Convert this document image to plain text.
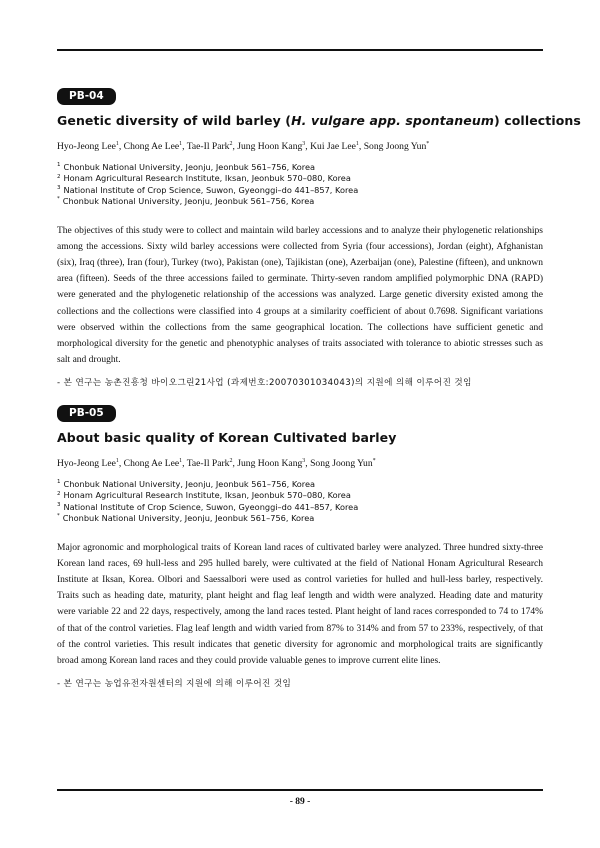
PB-04
Genetic diversity of wild barley (H. vulgare app. spontaneum) collections
Hyo-Jeong Lee$^1$, Chong Ae Lee$^1$, Tae-Il Park$^2$, Jung Hoon Kang$^3$, Kui Jae Lee$^1$, Song Joong Yun*
$^1$ Chonbuk National University, Jeonju, Jeonbuk 561–756, Korea
$^2$ Honam Agricultural Research Institute, Iksan, Jeonbuk 570–080, Korea
$^3$ National Institute of Crop Science, Suwon, Gyeonggi–do 441–857, Korea
* Chonbuk National University, Jeonju, Jeonbuk 561–756, Korea
The objectives of this study were to collect and maintain wild barley accessions and to analyze their phylogenetic relationships among the accessions. Sixty wild barley accessions were collected from Syria (four accessions), Jordan (eight), Afghanistan (six), Iraq (three), Iran (four), Turkey (two), Pakistan (one), Tajikistan (one), Azerbaijan (one), Palestine (fifteen), and unknown area (fifteen). Seeds of the three accessions failed to germinate. Thirty-seven random amplified polymorphic DNA (RAPD) were generated and the phylogenetic relationship of the accessions was analyzed. Large genetic diversity existed among the collections and the collections were classified into 4 groups at a similarity coefficient of about 0.7698. Significant variations were observed within the collections from the same geographical location. The collections have sufficient genetic and morphological diversity for the genetic and phenotyphic analyses of traits associated with tolerance to abiotic stresses such as salt and drought.
- 본 연구는 농촌진흥청 바이오그린21사업 (과제번호:20070301034043)의 지원에 의해 이루어진 것임
PB-05
About basic quality of Korean Cultivated barley
Hyo-Jeong Lee$^1$, Chong Ae Lee$^1$, Tae-Il Park$^2$, Jung Hoon Kang$^3$, Song Joong Yun*
$^1$ Chonbuk National University, Jeonju, Jeonbuk 561–756, Korea
$^2$ Honam Agricultural Research Institute, Iksan, Jeonbuk 570–080, Korea
$^3$ National Institute of Crop Science, Suwon, Gyeonggi–do 441–857, Korea
* Chonbuk National University, Jeonju, Jeonbuk 561–756, Korea
Major agronomic and morphological traits of Korean land races of cultivated barley were analyzed. Three hundred sixty-three Korean land races, 69 hull-less and 295 hulled barely, were cultivated at the field of National Honam Agricultural Research Institute at Iksan, Korea. Olbori and Saessalbori were used as control varieties for hulled and hull-less barley, respectively. Traits such as heading date, maturity, plant height and flag leaf length and width were analyzed. Heading date and maturity were variable 22 and 22 days, respectively, among the land races tested. Plant height of land races corresponded to 74 to 174% of that of the control varieties. Flag leaf length and width varied from 87% to 314% and from 57 to 233%, respectively, of that of the control varieties. This result indicates that genetic diversity for agronomic and morphological traits are significantly broad among Korean land races and they could provide valuable genes to improve current elite lines.
- 본 연구는 농업유전자원센터의 지원에 의해 이루어진 것임
- 89 -
